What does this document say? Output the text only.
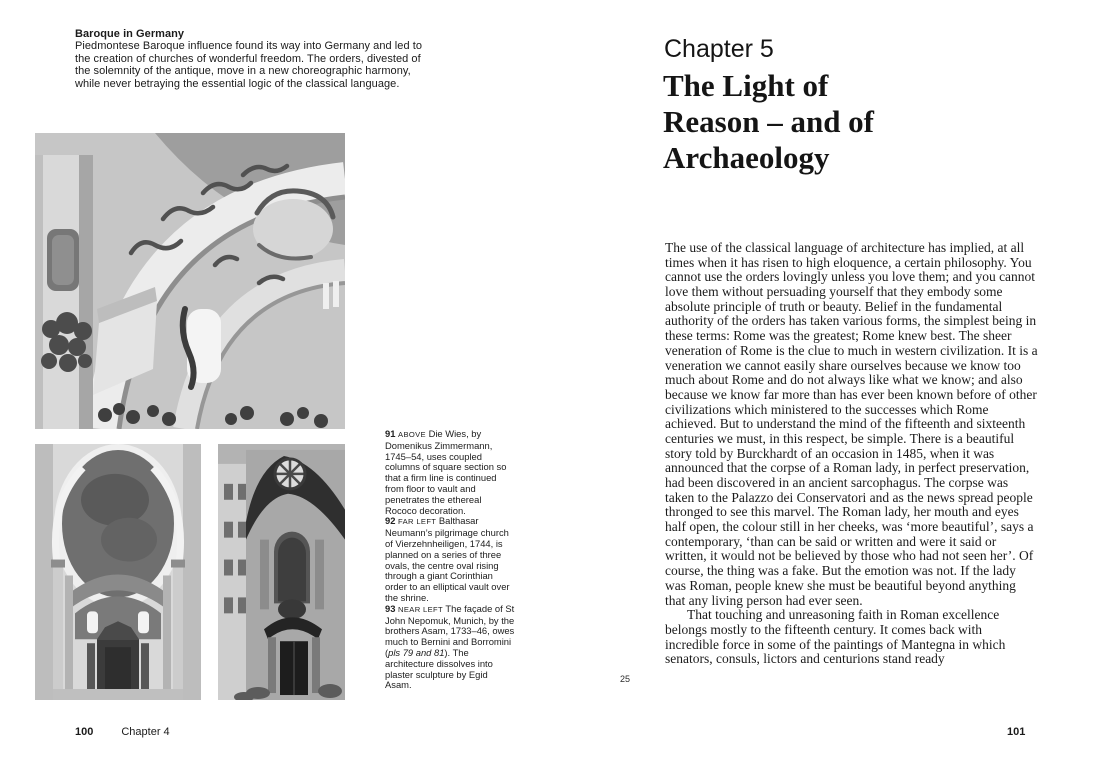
Baroque in Germany
Piedmontese Baroque influence found its way into Germany and led to the creation of churches of wonderful freedom. The orders, divested of the solemnity of the antique, move in a new choreographic harmony, while never betraying the essential logic of the classical language.

91 ABOVE Die Wies, by Domenikus Zimmermann, 1745–54, uses coupled columns of square section so that a firm line is continued from floor to vault and penetrates the ethereal Rococo decoration.

92 FAR LEFT Balthasar Neumann’s pilgrimage church of Vierzehnheiligen, 1744, is planned on a series of three ovals, the centre oval rising through a giant Corinthian order to an elliptical vault over the shrine.

93 NEAR LEFT The façade of St John Nepomuk, Munich, by the brothers Asam, 1733–46, owes much to Bernini and Borromini (pls 79 and 81). The architecture dissolves into plaster sculpture by Egid Asam.

100	Chapter 4
Chapter 5
The Light of
Reason – and of
Archaeology
25

The use of the classical language of architecture has implied, at all times when it has risen to high eloquence, a certain philosophy. You cannot use the orders lovingly unless you love them; and you cannot love them without persuading yourself that they embody some absolute principle of truth or beauty. Belief in the fundamental authority of the orders has taken various forms, the simplest being in these terms: Rome was the greatest; Rome knew best. The sheer veneration of Rome is the clue to much in western civilization. It is a veneration we cannot easily share ourselves because we know too much about Rome and do not always like what we know; and also because we know far more than has ever been known before of other civilizations which ministered to the successes which Rome achieved. But to understand the mind of the fifteenth and sixteenth centuries we must, in this respect, be simple. There is a beautiful story told by Burckhardt of an occasion in 1485, when it was announced that the corpse of a Roman lady, in perfect preservation, had been discovered in an ancient sarcophagus. The corpse was taken to the Palazzo dei Conservatori and as the news spread people thronged to see this marvel. The Roman lady, her mouth and eyes half open, the colour still in her cheeks, was ‘more beautiful’, says a contemporary, ‘than can be said or written and were it said or written, it would not be believed by those who had not seen her’. Of course, the thing was a fake. But the emotion was not. If the lady was Roman, people knew she must be beautiful beyond anything that any living person had ever seen.

That touching and unreasoning faith in Roman excellence belongs mostly to the fifteenth century. It comes back with incredible force in some of the paintings of Mantegna in which senators, consuls, lictors and centurions stand ready

101
